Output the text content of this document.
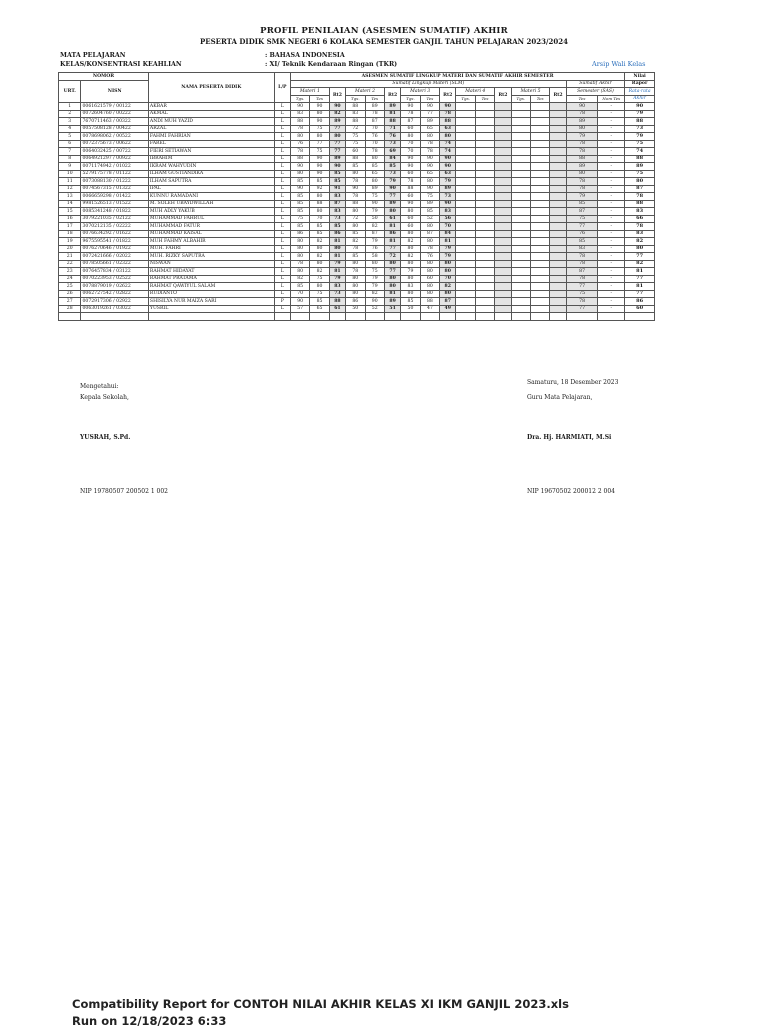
PROFIL PENILAIAN (ASESMEN SUMATIF) AKHIR
PESERTA DIDIK SMK NEGERI 6 KOLAKA SEMESTER GANJIL TAHUN PELAJARAN 2023/2024
MATA PELAJARAN	: BAHASA INDONESIA
KELAS/KONSENTRASI KEAHLIAN	: XI/ Teknik Kendaraan Ringan (TKR)	Arsip Wali Kelas
NOMOR		NAMA PESERTA DIDIK	L/P	ASESMEN SUMATIF LINGKUP MATERI DAN SUMATIF AKHIR SEMESTER																	Nilai
URT.	NISN			Sumatif Lingkup Materi (SLM)															Sumatif Akhir		Rapor
				Materi 1		Rt2	Materi 2		Rt2	Materi 3		Rt2	Materi 4		Rt2	Materi 5		Rt2	Semester (SAS)		Rata-rata
				Tgs.	Tes		Tgs.	Tes		Tgs.	Tes		Tgs.	Tes		Tgs.	Tes		Tes	Nom Tes	Akhir
1	0061621579 / 00122	AKBAR	L	90	90	90	88	89	89	90	90	90							90	-	90
2	0072604760 / 00222	AKMAL	L	83	80	82	83	78	81	78	77	78							78	-	79
3	7670711463 / 00322	ANDI MUH YAZID	L	88	90	89	88	87	88	87	89	88							89	-	88
4	0057508128 / 00422	ARZAL	L	78	75	77	72	70	71	60	65	63							80	-	73
5	0078698062 / 00522	FAHMI FAHRIAN	L	80	80	80	75	76	76	80	80	80							79	-	79
6	0072375673 / 00622	FAREL	L	76	77	77	75	70	73	70	78	74							78	-	75
7	0064032425 / 00722	FIERI SETIAWAN	L	78	75	77	60	78	69	70	78	74							78	-	74
8	0064921297 / 00922	IBRAHIM	L	88	90	89	88	80	84	90	90	90							88	-	88
9	0071174942 / 01022	IKRAM WAHYUDIN	L	90	90	90	85	85	85	90	90	90							89	-	89
10	5279175778 / 01122	ILHAM GUSTIANDIKA	L	80	90	85	80	65	73	60	65	63							80	-	75
11	0073088130 / 01222	ILHAM SAPUTRA	L	85	85	85	78	80	79	78	80	79							78	-	80
12	0074567315 / 01322	IPAL	L	90	92	91	90	89	90	88	90	89							78	-	87
13	0066659298 / 01422	KUNNU RAMADANI	L	85	80	83	78	75	77	60	75	73							79	-	78
14	9981526513 / 01522	M. SOLEH UBAYDWILLAH	L	85	88	87	88	90	89	90	89	90							85	-	88
15	0085341248 / 01822	MUH ADLY YAKUB	L	85	80	83	80	79	80	80	85	83							87	-	83
16	3079221035 / 02122	MUHAMMAD FAHRUL	L	75	70	73	72	50	61	60	52	56							75	-	66
17	3070212135 / 02222	MUHAMMAD FATUR	L	85	85	85	80	82	81	60	80	70							77	-	78
18	0076634292 / 01622	MUHAMMAD KAISAL	L	86	85	86	85	87	86	80	87	84							76	-	83
19	9675595541 / 01822	MUH FAHMY ALBAHIR	L	80	82	81	82	79	81	82	80	81							85	-	82
20	0076270646 / 01922	MUH. FAHRI	L	80	80	80	78	76	77	80	78	79							83	-	80
21	0072421666 / 02022	MUH. RIZKY SAPUTRA	L	80	82	81	85	58	72	82	76	79							78	-	77
22	0078505661 / 02322	NISWAN	L	78	80	79	80	80	80	80	80	80							78	-	82
23	0076457834 / 03122	RAHMAT HIDAYAT	L	80	82	81	78	75	77	79	80	80							87	-	81
24	0070223953 / 02522	RAHMAT PRATAMA	L	82	75	79	80	79	80	80	60	70							78	-	77
25	0078879019 / 02622	RAHMAT QAWIYUL SALAM	L	85	80	83	80	79	80	83	80	82							77	-	81
26	0062727542 / 02822	RUDIANTO	L	70	75	73	80	82	81	80	80	80							75	-	77
27	0072917306 / 02922	SHISILYA NUR MAIZA SARI	P	90	85	88	86	90	89	85	88	87							78	-	86
28	0063019261 / 03022	YUSRIL	L	57	65	61	50	52	51	50	47	49							77	-	60

Mengetahui:
Kepala Sekolah,
YUSRAH, S.Pd.
NIP 19780507 200502 1 002
Samaturu, 18 Desember 2023
Guru Mata Pelajaran,
Dra. Hj. HARMIATI, M.Si
NIP 19670502 200012 2 004
Compatibility Report for CONTOH NILAI AKHIR KELAS XI IKM GANJIL 2023.xls
Run on 12/18/2023 6:33
